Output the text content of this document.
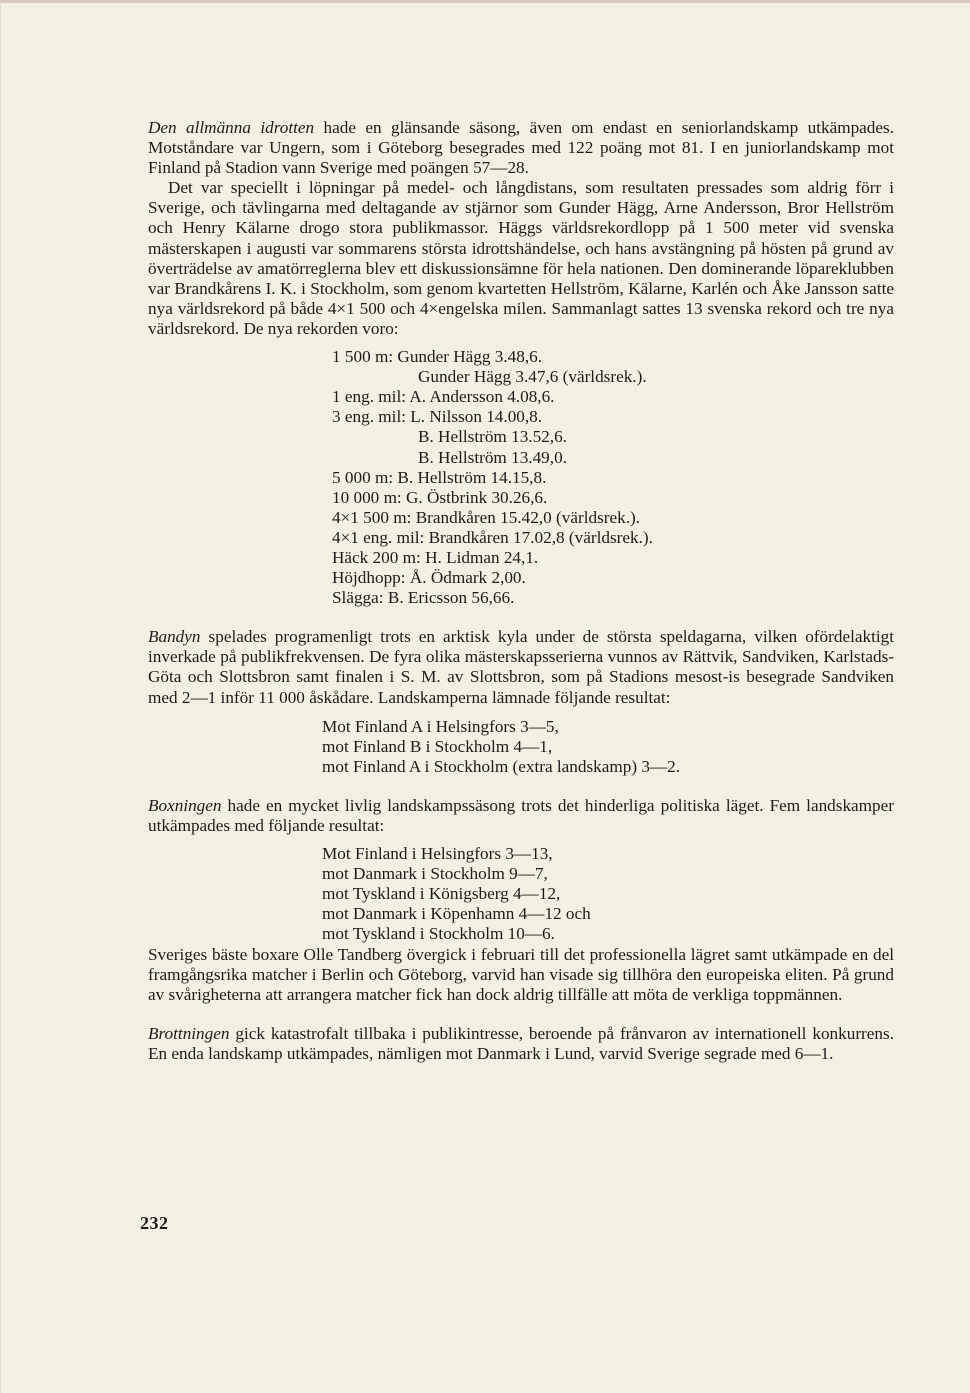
Den allmänna idrotten hade en glänsande säsong, även om endast en seniorlandskamp utkämpades. Motståndare var Ungern, som i Göteborg besegrades med 122 poäng mot 81. I en juniorlandskamp mot Finland på Stadion vann Sverige med poängen 57—28.

Det var speciellt i löpningar på medel- och långdistans, som resultaten pressades som aldrig förr i Sverige, och tävlingarna med deltagande av stjärnor som Gunder Hägg, Arne Andersson, Bror Hellström och Henry Kälarne drogo stora publikmassor. Häggs världsrekordlopp på 1 500 meter vid svenska mästerskapen i augusti var sommarens största idrottshändelse, och hans avstängning på hösten på grund av överträdelse av amatörreglerna blev ett diskussionsämne för hela nationen. Den dominerande löpareklubben var Brandkårens I. K. i Stockholm, som genom kvartetten Hellström, Kälarne, Karlén och Åke Jansson satte nya världsrekord på både 4×1 500 och 4×engelska milen. Sammanlagt sattes 13 svenska rekord och tre nya världsrekord. De nya rekorden voro:

1 500 m: Gunder Hägg 3.48,6.
Gunder Hägg 3.47,6 (världsrek.).
1 eng. mil: A. Andersson 4.08,6.
3 eng. mil: L. Nilsson 14.00,8.
B. Hellström 13.52,6.
B. Hellström 13.49,0.
5 000 m: B. Hellström 14.15,8.
10 000 m: G. Östbrink 30.26,6.
4×1 500 m: Brandkåren 15.42,0 (världsrek.).
4×1 eng. mil: Brandkåren 17.02,8 (världsrek.).
Häck 200 m: H. Lidman 24,1.
Höjdhopp: Å. Ödmark 2,00.
Slägga: B. Ericsson 56,66.

Bandyn spelades programenligt trots en arktisk kyla under de största speldagarna, vilken ofördelaktigt inverkade på publikfrekvensen. De fyra olika mästerskapsserierna vunnos av Rättvik, Sandviken, Karlstads-Göta och Slottsbron samt finalen i S. M. av Slottsbron, som på Stadions mesost-is besegrade Sandviken med 2—1 inför 11 000 åskådare. Landskamperna lämnade följande resultat:

Mot Finland A i Helsingfors 3—5,
mot Finland B i Stockholm 4—1,
mot Finland A i Stockholm (extra landskamp) 3—2.

Boxningen hade en mycket livlig landskampssäsong trots det hinderliga politiska läget. Fem landskamper utkämpades med följande resultat:

Mot Finland i Helsingfors 3—13,
mot Danmark i Stockholm 9—7,
mot Tyskland i Königsberg 4—12,
mot Danmark i Köpenhamn 4—12 och
mot Tyskland i Stockholm 10—6.

Sveriges bäste boxare Olle Tandberg övergick i februari till det professionella lägret samt utkämpade en del framgångsrika matcher i Berlin och Göteborg, varvid han visade sig tillhöra den europeiska eliten. På grund av svårigheterna att arrangera matcher fick han dock aldrig tillfälle att möta de verkliga toppmännen.

Brottningen gick katastrofalt tillbaka i publikintresse, beroende på frånvaron av internationell konkurrens. En enda landskamp utkämpades, nämligen mot Danmark i Lund, varvid Sverige segrade med 6—1.

232
